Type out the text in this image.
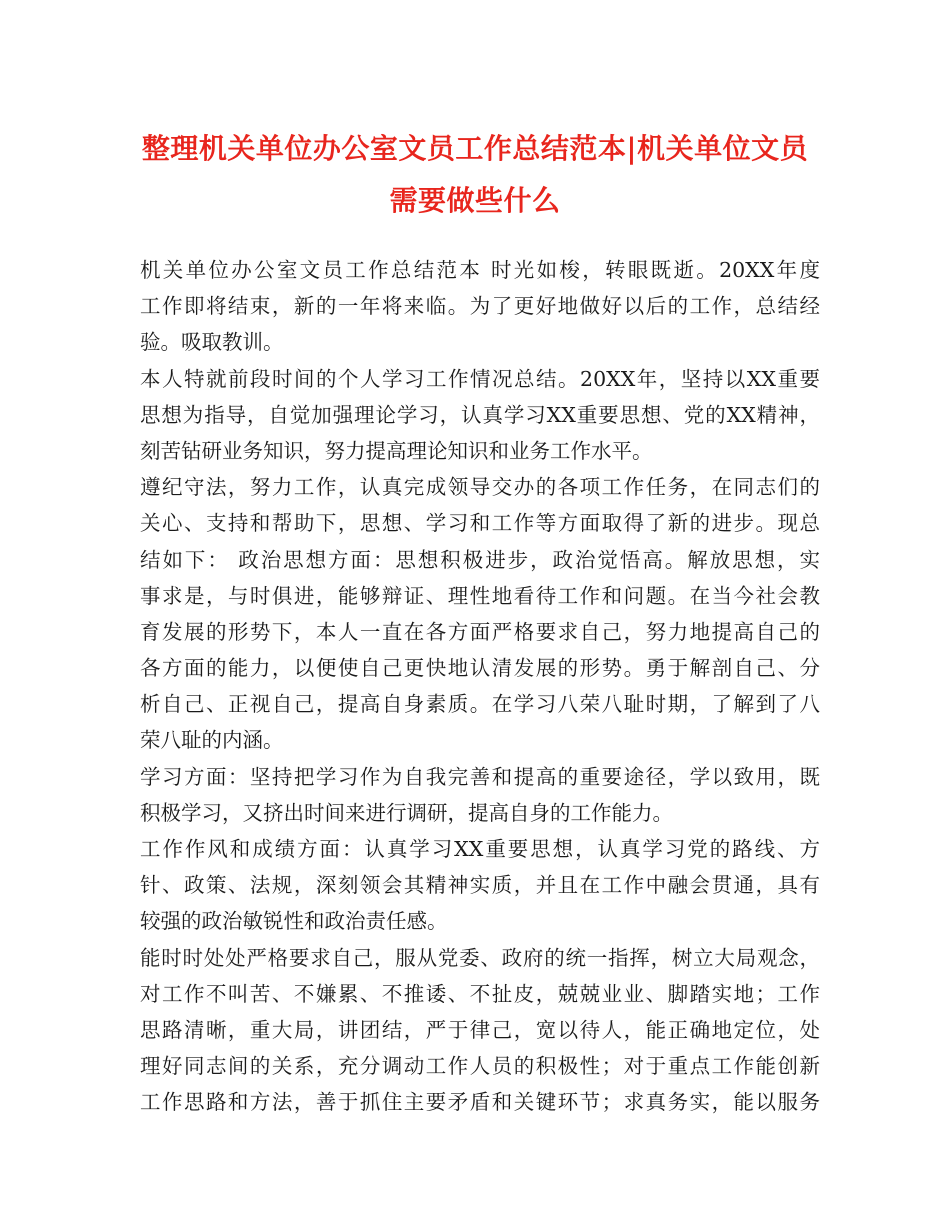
整理机关单位办公室文员工作总结范本|机关单位文员
需要做些什么
机关单位办公室文员工作总结范本 时光如梭，转眼既逝。20XX年度
工作即将结束，新的一年将来临。为了更好地做好以后的工作，总结经
验。吸取教训。
本人特就前段时间的个人学习工作情况总结。20XX年，坚持以XX重要
思想为指导，自觉加强理论学习，认真学习XX重要思想、党的XX精神，
刻苦钻研业务知识，努力提高理论知识和业务工作水平。
遵纪守法，努力工作，认真完成领导交办的各项工作任务，在同志们的
关心、支持和帮助下，思想、学习和工作等方面取得了新的进步。现总
结如下： 政治思想方面：思想积极进步，政治觉悟高。解放思想，实
事求是，与时俱进，能够辩证、理性地看待工作和问题。在当今社会教
育发展的形势下，本人一直在各方面严格要求自己，努力地提高自己的
各方面的能力，以便使自己更快地认清发展的形势。勇于解剖自己、分
析自己、正视自己，提高自身素质。在学习八荣八耻时期，了解到了八
荣八耻的内涵。
学习方面：坚持把学习作为自我完善和提高的重要途径，学以致用，既
积极学习，又挤出时间来进行调研，提高自身的工作能力。
工作作风和成绩方面：认真学习XX重要思想，认真学习党的路线、方
针、政策、法规，深刻领会其精神实质，并且在工作中融会贯通，具有
较强的政治敏锐性和政治责任感。
能时时处处严格要求自己，服从党委、政府的统一指挥，树立大局观念，
对工作不叫苦、不嫌累、不推诿、不扯皮，兢兢业业、脚踏实地；工作
思路清晰，重大局，讲团结，严于律己，宽以待人，能正确地定位，处
理好同志间的关系，充分调动工作人员的积极性；对于重点工作能创新
工作思路和方法，善于抓住主要矛盾和关键环节；求真务实，能以服务
